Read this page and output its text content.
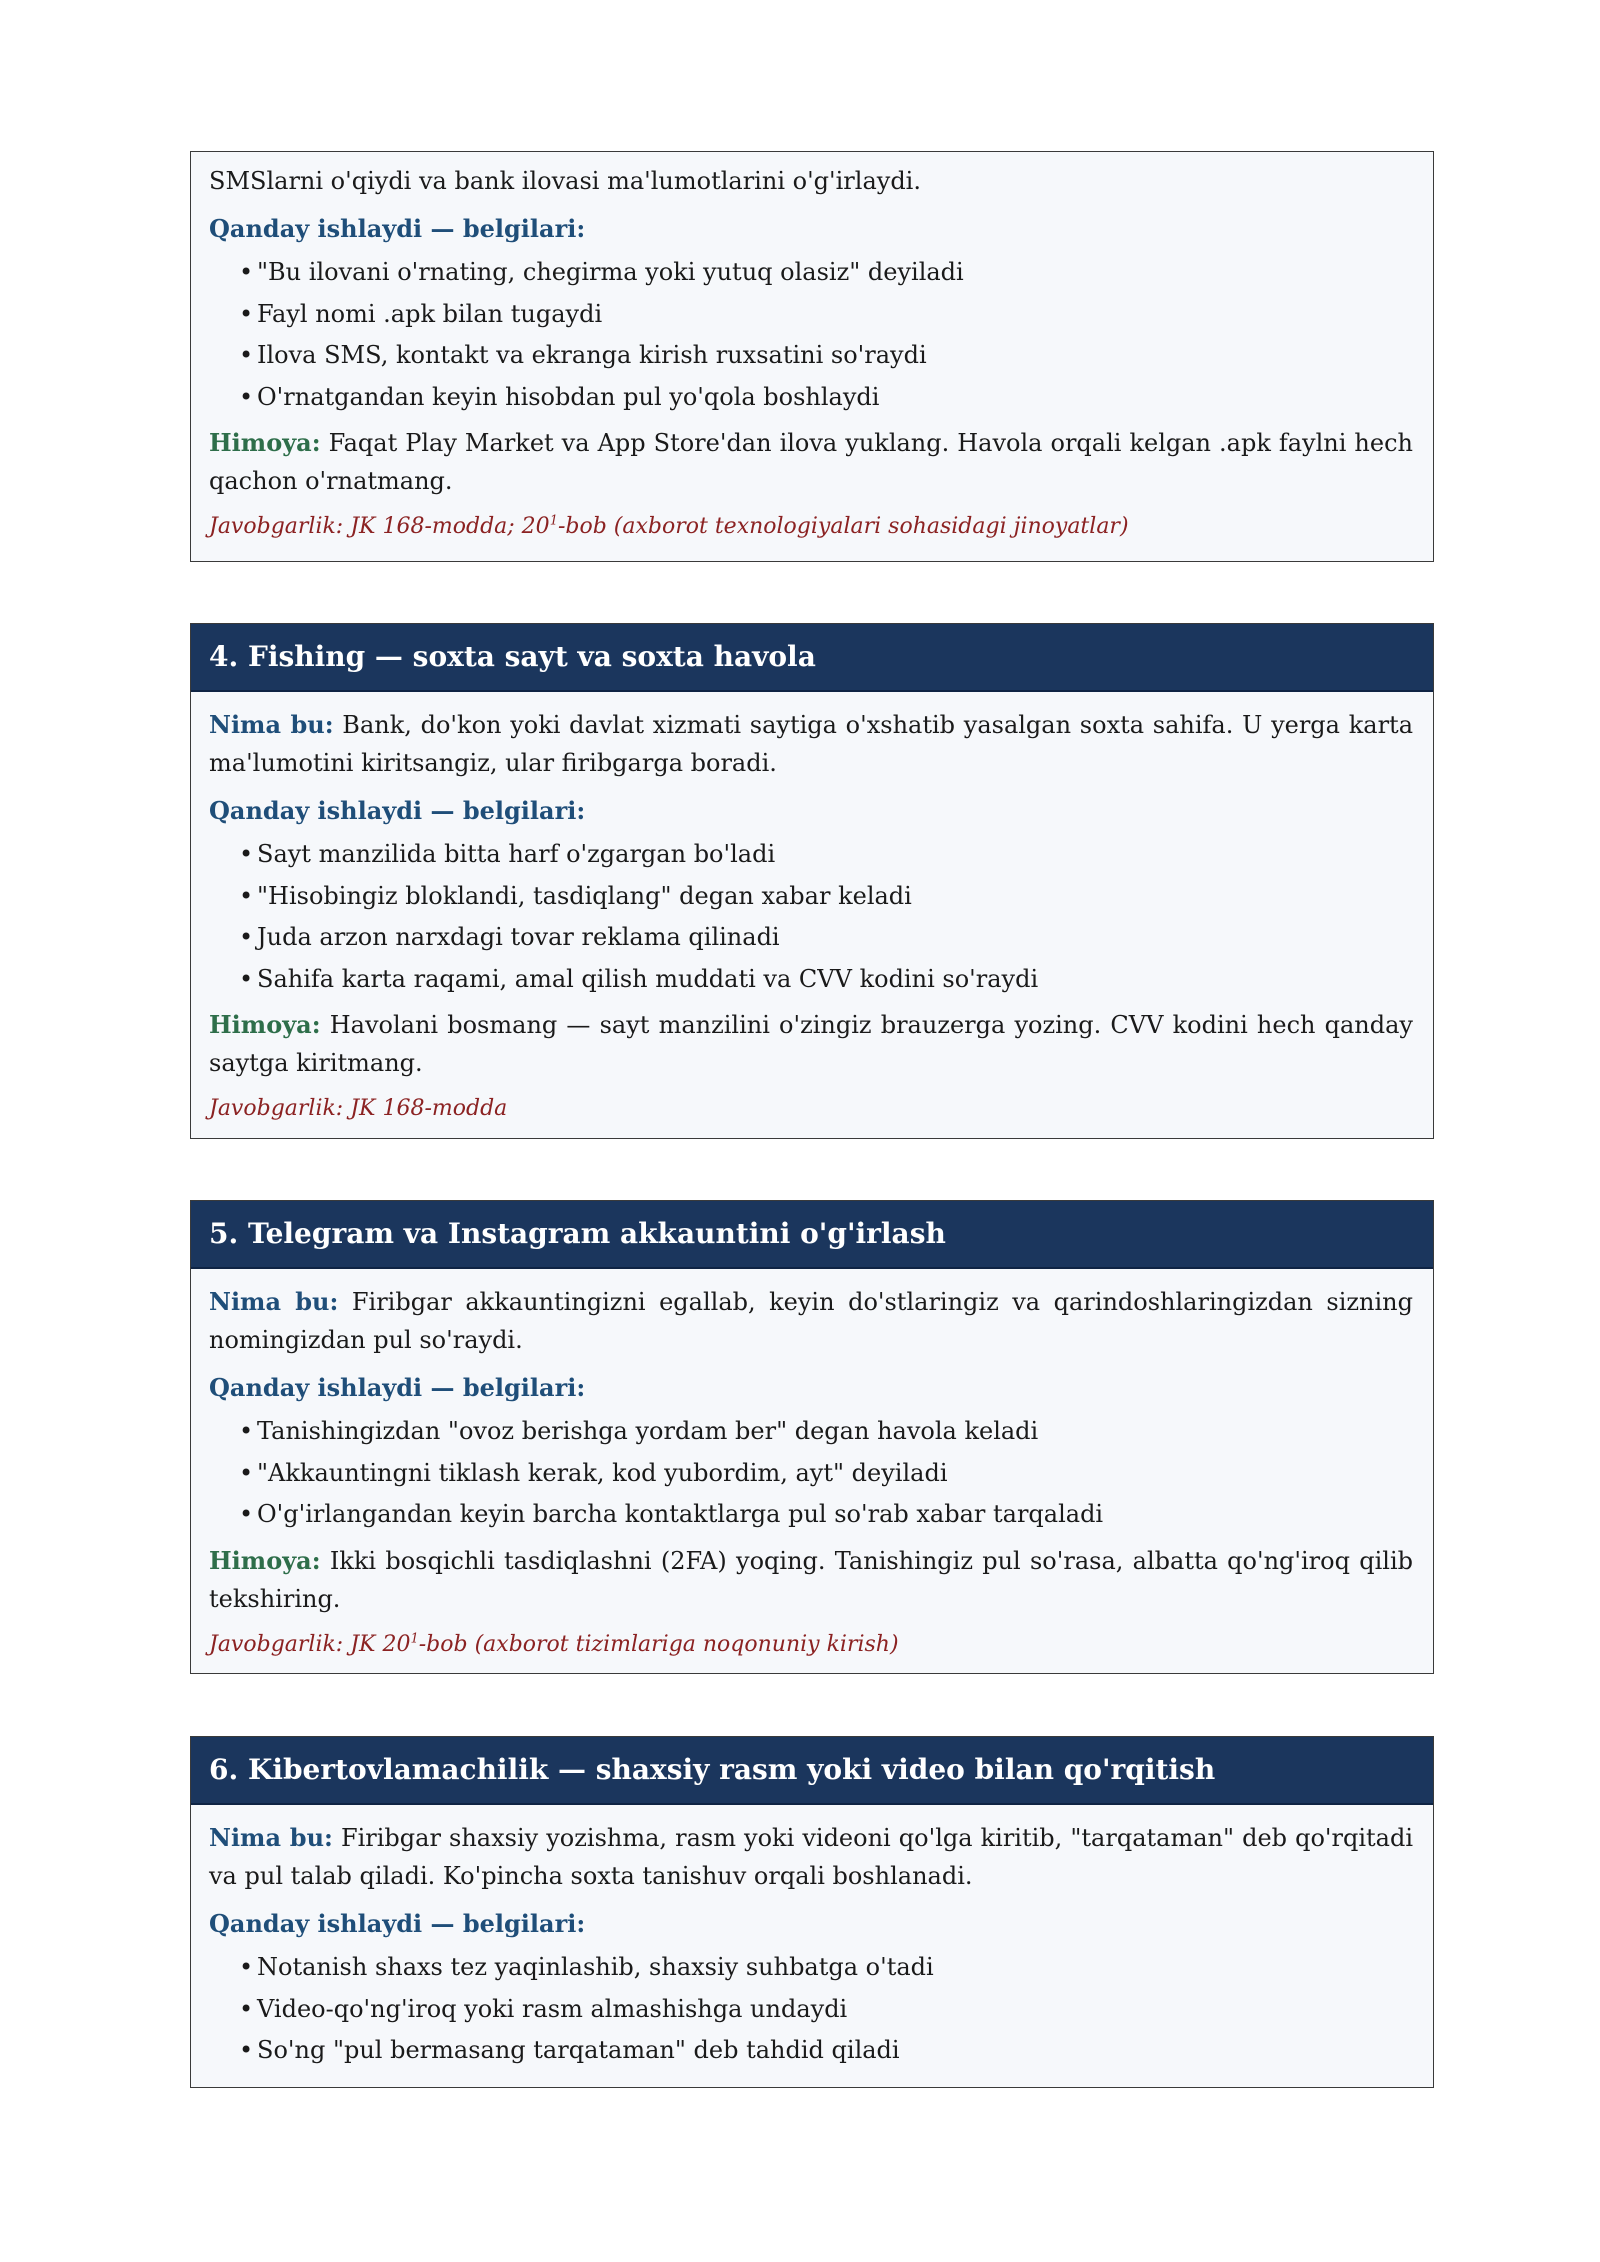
SMSlarni o'qiydi va bank ilovasi ma'lumotlarini o'g'irlaydi.

Qanday ishlaydi — belgilari:
• "Bu ilovani o'rnating, chegirma yoki yutuq olasiz" deyiladi
• Fayl nomi .apk bilan tugaydi
• Ilova SMS, kontakt va ekranga kirish ruxsatini so'raydi
• O'rnatgandan keyin hisobdan pul yo'qola boshlaydi

Himoya: Faqat Play Market va App Store'dan ilova yuklang. Havola orqali kelgan .apk faylni hech qachon o'rnatmang.

Javobgarlik: JK 168-modda; $20^1$-bob (axborot texnologiyalari sohasidagi jinoyatlar)
4. Fishing — soxta sayt va soxta havola

Nima bu: Bank, do'kon yoki davlat xizmati saytiga o'xshatib yasalgan soxta sahifa. U yerga karta ma'lumotini kiritsangiz, ular firibgarga boradi.

Qanday ishlaydi — belgilari:
• Sayt manzilida bitta harf o'zgargan bo'ladi
• "Hisobingiz bloklandi, tasdiqlang" degan xabar keladi
• Juda arzon narxdagi tovar reklama qilinadi
• Sahifa karta raqami, amal qilish muddati va CVV kodini so'raydi

Himoya: Havolani bosmang — sayt manzilini o'zingiz brauzerga yozing. CVV kodini hech qanday saytga kiritmang.

Javobgarlik: JK 168-modda
5. Telegram va Instagram akkauntini o'g'irlash

Nima bu: Firibgar akkauntingizni egallab, keyin do'stlaringiz va qarindoshlaringizdan sizning nomingizdan pul so'raydi.

Qanday ishlaydi — belgilari:
• Tanishingizdan "ovoz berishga yordam ber" degan havola keladi
• "Akkauntingni tiklash kerak, kod yubordim, ayt" deyiladi
• O'g'irlangandan keyin barcha kontaktlarga pul so'rab xabar tarqaladi

Himoya: Ikki bosqichli tasdiqlashni (2FA) yoqing. Tanishingiz pul so'rasa, albatta qo'ng'iroq qilib tekshiring.

Javobgarlik: JK $20^1$-bob (axborot tizimlariga noqonuniy kirish)
6. Kibertovlamachilik — shaxsiy rasm yoki video bilan qo'rqitish

Nima bu: Firibgar shaxsiy yozishma, rasm yoki videoni qo'lga kiritib, "tarqataman" deb qo'rqitadi va pul talab qiladi. Ko'pincha soxta tanishuv orqali boshlanadi.

Qanday ishlaydi — belgilari:
• Notanish shaxs tez yaqinlashib, shaxsiy suhbatga o'tadi
• Video-qo'ng'iroq yoki rasm almashishga undaydi
• So'ng "pul bermasang tarqataman" deb tahdid qiladi
